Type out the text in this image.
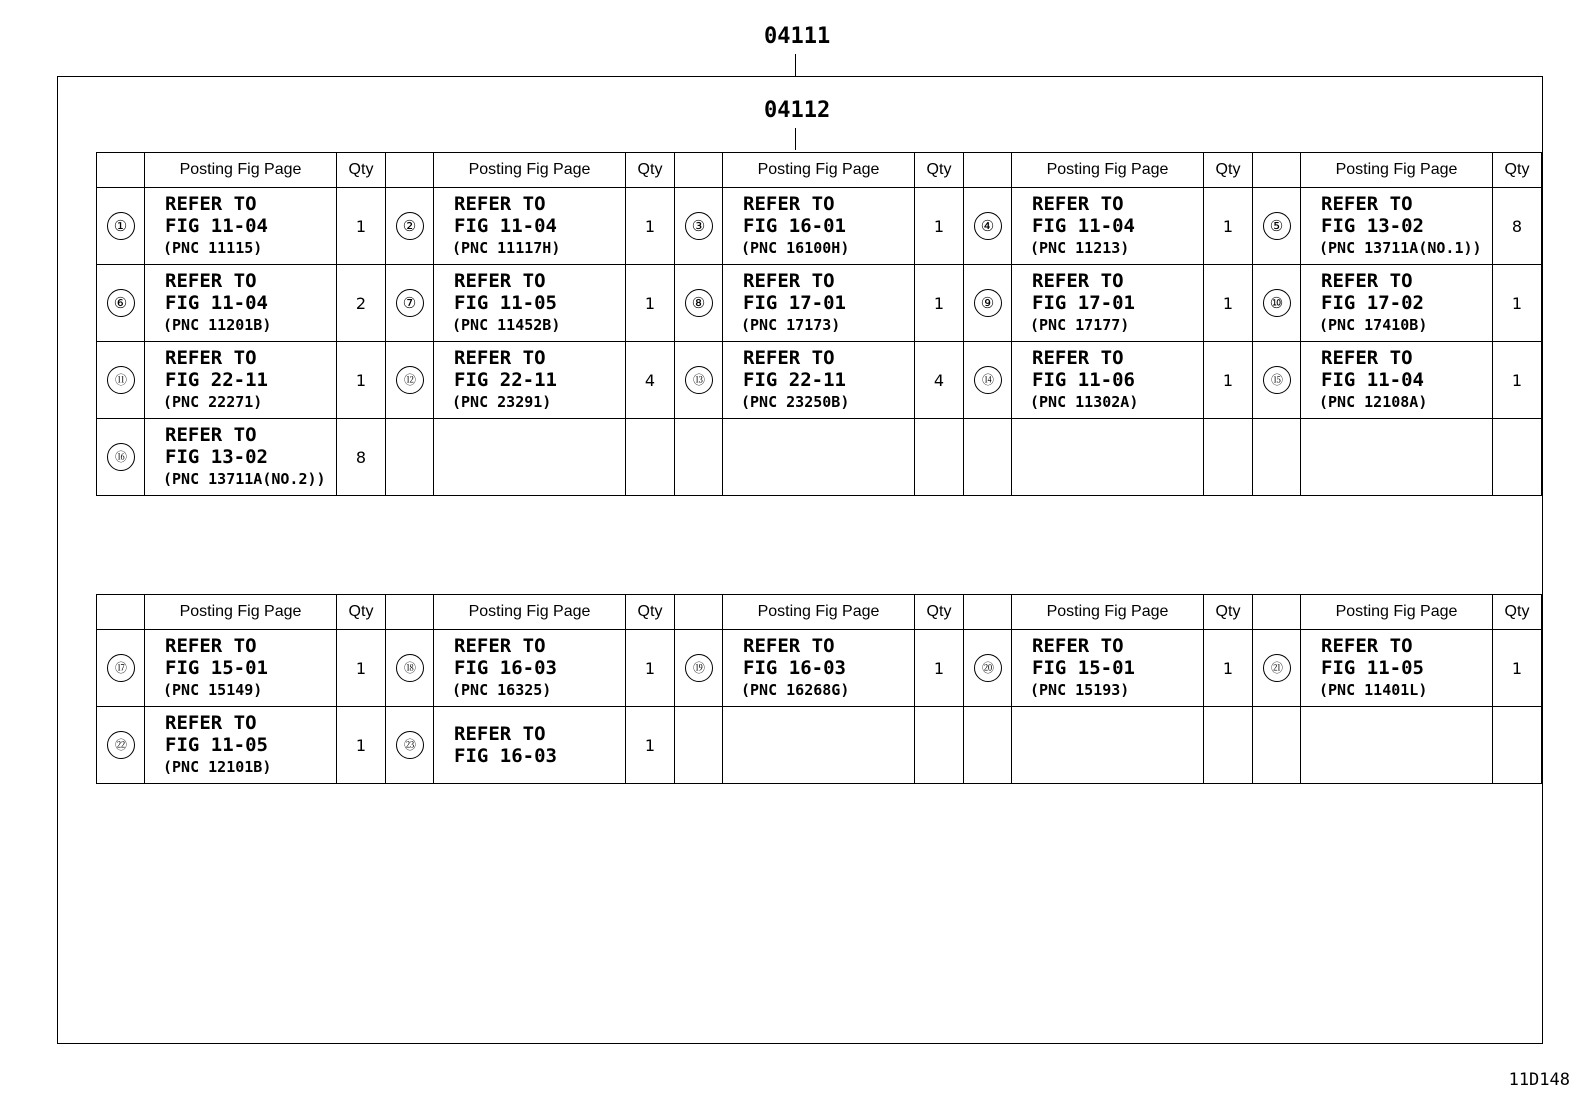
04111
04112
	Posting Fig Page	Qty		Posting Fig Page	Qty		Posting Fig Page	Qty		Posting Fig Page	Qty		Posting Fig Page	Qty
①	REFER TO
FIG 11-04
(PNC 11115)	1	②	REFER TO
FIG 11-04
(PNC 11117H)	1	③	REFER TO
FIG 16-01
(PNC 16100H)	1	④	REFER TO
FIG 11-04
(PNC 11213)	1	⑤	REFER TO
FIG 13-02
(PNC 13711A(NO.1))	8
⑥	REFER TO
FIG 11-04
(PNC 11201B)	2	⑦	REFER TO
FIG 11-05
(PNC 11452B)	1	⑧	REFER TO
FIG 17-01
(PNC 17173)	1	⑨	REFER TO
FIG 17-01
(PNC 17177)	1	⑩	REFER TO
FIG 17-02
(PNC 17410B)	1
⑪	REFER TO
FIG 22-11
(PNC 22271)	1	⑫	REFER TO
FIG 22-11
(PNC 23291)	4	⑬	REFER TO
FIG 22-11
(PNC 23250B)	4	⑭	REFER TO
FIG 11-06
(PNC 11302A)	1	⑮	REFER TO
FIG 11-04
(PNC 12108A)	1
⑯	REFER TO
FIG 13-02
(PNC 13711A(NO.2))	8												
	Posting Fig Page	Qty		Posting Fig Page	Qty		Posting Fig Page	Qty		Posting Fig Page	Qty		Posting Fig Page	Qty
⑰	REFER TO
FIG 15-01
(PNC 15149)	1	⑱	REFER TO
FIG 16-03
(PNC 16325)	1	⑲	REFER TO
FIG 16-03
(PNC 16268G)	1	⑳	REFER TO
FIG 15-01
(PNC 15193)	1	㉑	REFER TO
FIG 11-05
(PNC 11401L)	1
㉒	REFER TO
FIG 11-05
(PNC 12101B)	1	㉓	REFER TO
FIG 16-03	1									
11D148
